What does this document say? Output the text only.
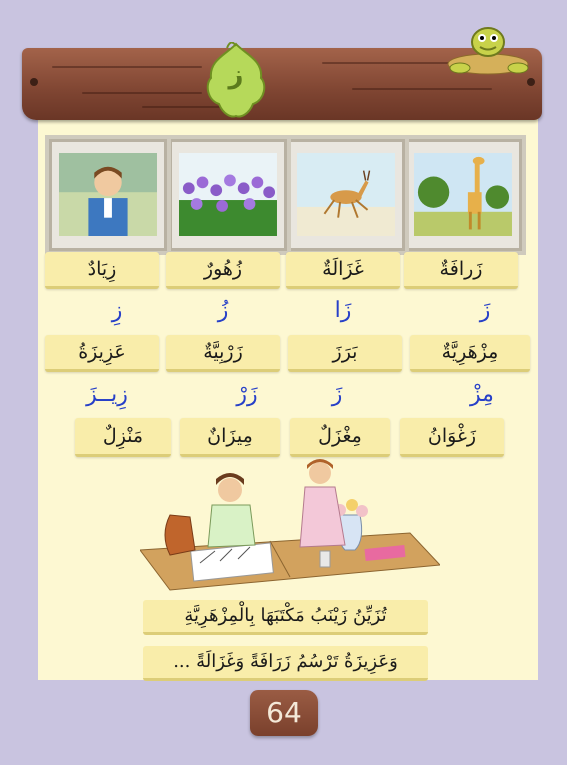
ز
زَرافَةٌ
غَزَالَةٌ
زُهُورٌ
زِيَادٌ
زَ
زَا
زُ
زِ
مِزْهَرِيَّةٌ
بَرَزَ
زَرْبِيَّةٌ
عَزِيزَةُ
مِزْ
زَ
زَرْ
زِيــزَ
زَغْوَانُ
مِغْزَلٌ
مِيزَانٌ
مَنْزِلٌ
تُزَيِّنُ زَيْنَبُ مَكْتَبَهَا بِالْمِزْهَرِيَّةِ
وَعَزِيزَةُ تَرْسُمُ زَرَافَةً وَغَزَالَةً ...
64
